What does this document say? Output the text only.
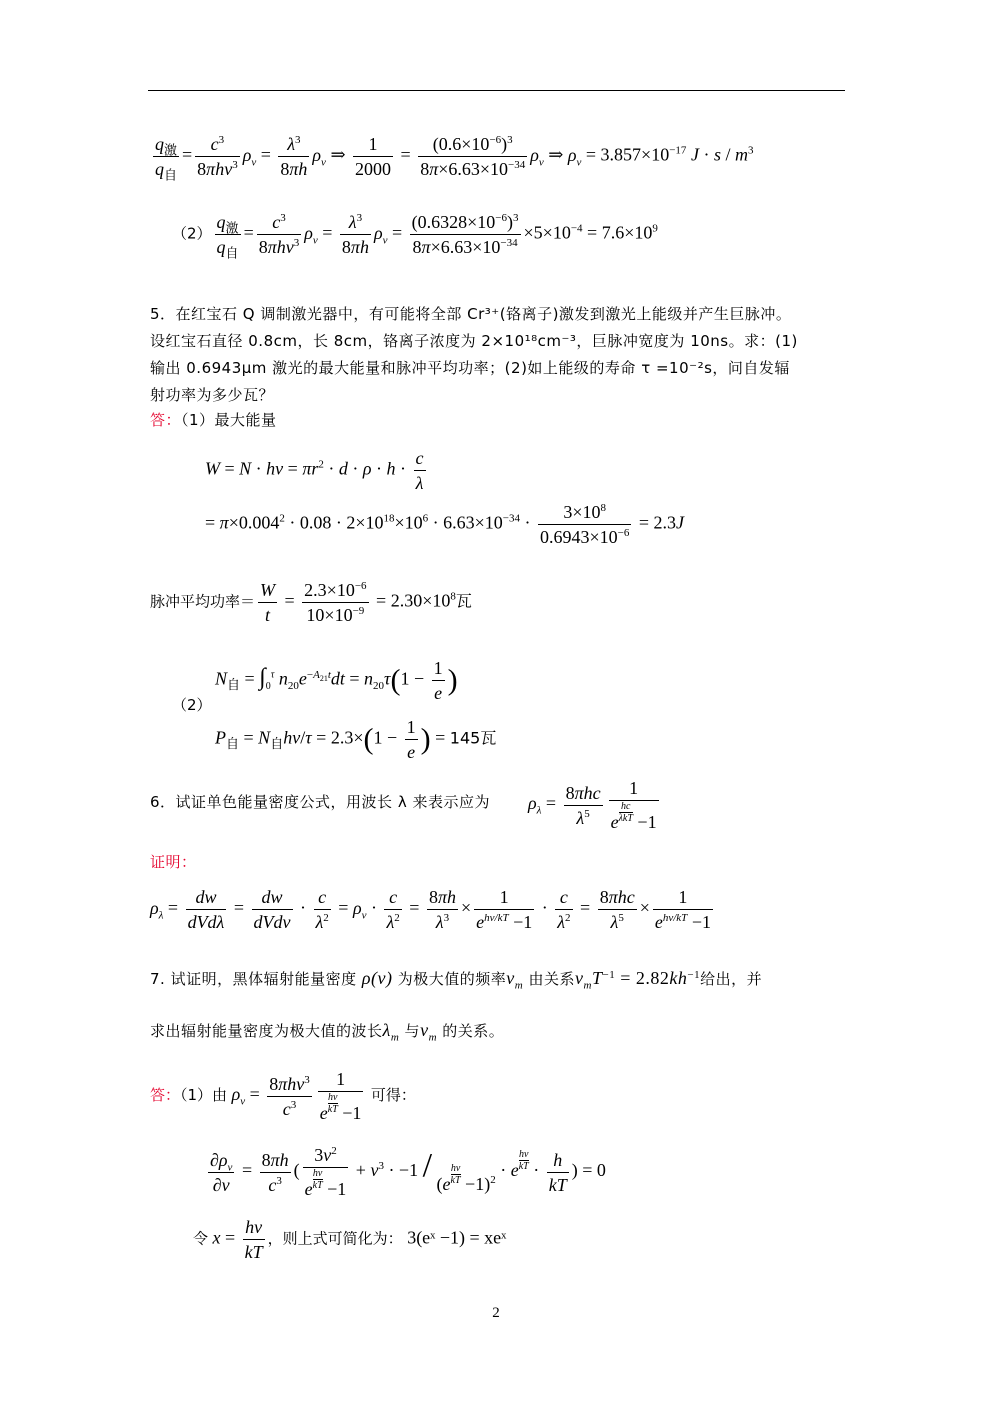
$\frac{q_激}{q_自} = \frac{c^3}{8\pi h\nu^3} \rho_\nu = \frac{\lambda^3}{8\pi h} \rho_\nu$ ⇒ $\frac{1}{2000} = \frac{(0.6\times 10^{-6})^3}{8\pi\times 6.63\times 10^{-34}} \rho_\nu$ ⇒ $\rho_\nu = 3.857\times 10^{-17}$ $J \cdot s / m^3$
$(2) \frac{q_激}{q_自} = \frac{c^3}{8\pi h\nu^3} \rho_\nu = \frac{\lambda^3}{8\pi h} \rho_\nu = \frac{(0.6328\times 10^{-6})^3}{8\pi\times 6.63\times 10^{-34}} \times 5\times 10^{-4} = 7.6\times 10^9$
5．在红宝石 Q 调制激光器中，有可能将全部 Cr³⁺(铬离子)激发到激光上能级并产生巨脉冲。
设红宝石直径 0.8cm，长 8cm，铬离子浓度为 2×10¹⁸cm⁻³，巨脉冲宽度为 10ns。求：(1)
输出 0.6943μm 激光的最大能量和脉冲平均功率；(2)如上能级的寿命 τ =10⁻²s，问自发辐
射功率为多少瓦？
答：（1）最大能量
$W = N \cdot h\nu = \pi r^2 \cdot d \cdot \rho \cdot h \cdot \frac{c}{\lambda}$
= $\pi\times 0.004^2 \cdot 0.08 \cdot 2\times 10^{18}\times 10^6 \cdot 6.63\times 10^{-34} \cdot \frac{3\times 10^8}{0.6943\times 10^{-6}} = 2.3J$
脉冲平均功率＝ $\frac{W}{t} = \frac{2.3\times 10^{-6}}{10\times 10^{-9}} = 2.30\times 10^8$瓦
（2）
$N_自 = \int_0^\tau$ $n_{20}e^{-A_{21}t}dt = n_{20}\tau(1 - \frac{1}{e}$ )
$P_自 = N_自h\nu/\tau = 2.3\times(1 - \frac{1}{e}$ ) = 145瓦
6．试证单色能量密度公式，用波长 λ 来表示应为 $\rho_\lambda = \frac{\text{8πhc}}{\lambda^5} 1$
e
hc
λkT −1
证明：
$\rho_\lambda = \frac{dw}{\text{dVdλ}} = \frac{dw}{\text{dVdν}} \cdot \frac{c}{\lambda^2} = \rho_\nu \cdot \frac{c}{\lambda^2} = \frac{8\pi h}{\lambda^3} \times \frac{1}{e^{h\nu/kT} -1} \cdot \frac{c}{\lambda^2} = \frac{\text{8πhc}}{\lambda^5} \times \frac{1}{e^{h\nu/kT} -1}$
7. 试证明，黑体辐射能量密度 ρ(ν) 为极大值的频率$\nu_m$ 由关系$\nu_mT^{-1} = 2.82kh^{-1}$给出，并
求出辐射能量密度为极大值的波长$\lambda_m$ 与$\nu_m$ 的关系。
答：（1）由 $\rho_\nu = \frac{8\pi h\nu^3}{c^3} \frac{1}{e \frac{h\nu}{kT} -1}$ 可得：
$\frac{\partial\rho_\nu}{\partial\nu} = \frac{8\pi h}{c^3}$ ( $\frac{3\nu^2}{e \frac{h\nu}{kT} -1} + \nu^3 \cdot -1 / (e \frac{h\nu}{kT} -1)^2 \cdot e \frac{h\nu}{kT} \cdot \frac{h}{kT}$ ) = 0
令 $x = \frac{h\nu}{kT}$ ，则上式可简化为： 3(eˣ −1) = xeˣ
2
